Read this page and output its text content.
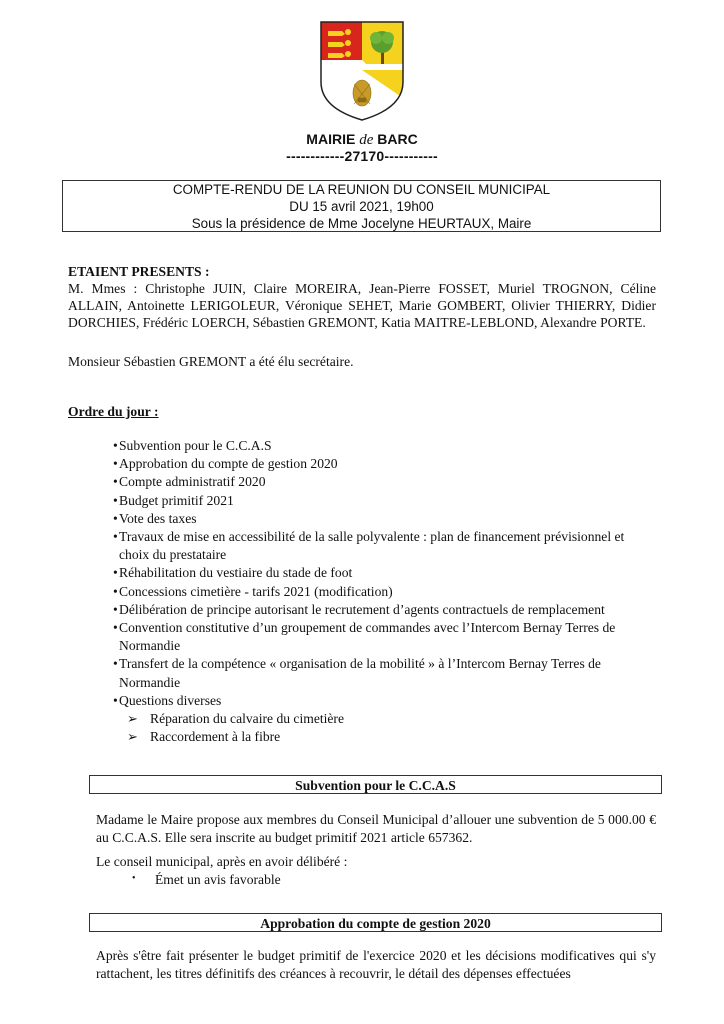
MAIRIE de BARC
------------27170-----------
COMPTE-RENDU DE LA REUNION DU CONSEIL MUNICIPAL
DU 15 avril 2021, 19h00
Sous la présidence de Mme Jocelyne HEURTAUX, Maire
ETAIENT PRESENTS :
M. Mmes : Christophe JUIN, Claire MOREIRA, Jean-Pierre FOSSET, Muriel TROGNON, Céline ALLAIN, Antoinette LERIGOLEUR, Véronique SEHET, Marie GOMBERT, Olivier THIERRY, Didier DORCHIES, Frédéric LOERCH, Sébastien GREMONT, Katia MAITRE-LEBLOND, Alexandre PORTE.
Monsieur Sébastien GREMONT a été élu secrétaire.
Ordre du jour :
• Subvention pour le C.C.A.S
• Approbation du compte de gestion 2020
• Compte administratif 2020
• Budget primitif 2021
• Vote des taxes
• Travaux de mise en accessibilité de la salle polyvalente : plan de financement prévisionnel et choix du prestataire
• Réhabilitation du vestiaire du stade de foot
• Concessions cimetière - tarifs 2021 (modification)
• Délibération de principe autorisant le recrutement d’agents contractuels de remplacement
• Convention constitutive d’un groupement de commandes avec l’Intercom Bernay Terres de Normandie
• Transfert de la compétence « organisation de la mobilité » à l’Intercom Bernay Terres de Normandie
• Questions diverses
➢ Réparation du calvaire du cimetière
➢ Raccordement à la fibre
Subvention pour le C.C.A.S
Madame le Maire propose aux membres du Conseil Municipal d’allouer une subvention de 5 000.00 € au C.C.A.S. Elle sera inscrite au budget primitif 2021 article 657362.
Le conseil municipal, après en avoir délibéré :
• Émet un avis favorable
Approbation du compte de gestion 2020
Après s'être fait présenter le budget primitif de l'exercice 2020 et les décisions modificatives qui s'y rattachent, les titres définitifs des créances à recouvrir, le détail des dépenses effectuées
